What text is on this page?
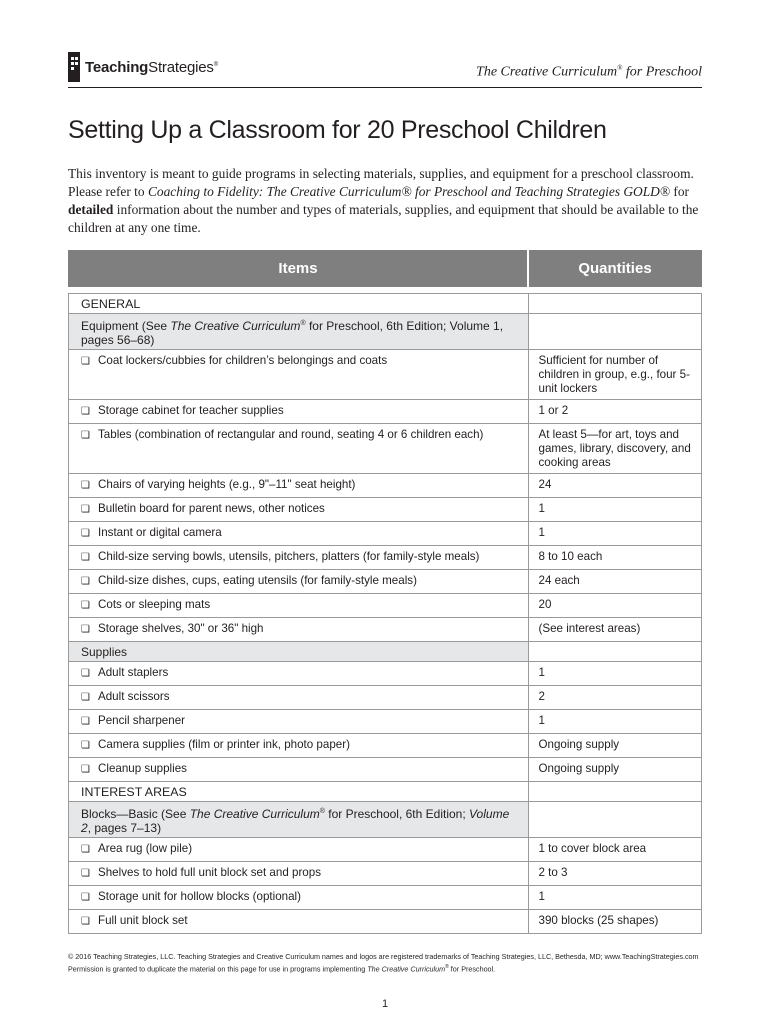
TeachingStrategies®
The Creative Curriculum® for Preschool
Setting Up a Classroom for 20 Preschool Children

This inventory is meant to guide programs in selecting materials, supplies, and equipment for a preschool classroom. Please refer to Coaching to Fidelity: The Creative Curriculum® for Preschool and Teaching Strategies GOLD® for detailed information about the number and types of materials, supplies, and equipment that should be available to the children at any one time.

Items	Quantities

GENERAL	
Equipment (See The Creative Curriculum® for Preschool, 6th Edition; Volume 1, pages 56–68)	
❏ Coat lockers/cubbies for children’s belongings and coats	Sufficient for number of children in group, e.g., four 5-unit lockers
❏ Storage cabinet for teacher supplies	1 or 2
❏ Tables (combination of rectangular and round, seating 4 or 6 children each)	At least 5—for art, toys and games, library, discovery, and cooking areas
❏ Chairs of varying heights (e.g., 9"–11" seat height)	24
❏ Bulletin board for parent news, other notices	1
❏ Instant or digital camera	1
❏ Child-size serving bowls, utensils, pitchers, platters (for family-style meals)	8 to 10 each
❏ Child-size dishes, cups, eating utensils (for family-style meals)	24 each
❏ Cots or sleeping mats	20
❏ Storage shelves, 30" or 36" high	(See interest areas)
Supplies	
❏ Adult staplers	1
❏ Adult scissors	2
❏ Pencil sharpener	1
❏ Camera supplies (film or printer ink, photo paper)	Ongoing supply
❏ Cleanup supplies	Ongoing supply
INTEREST AREAS	
Blocks—Basic (See The Creative Curriculum® for Preschool, 6th Edition; Volume 2, pages 7–13)	
❏ Area rug (low pile)	1 to cover block area
❏ Shelves to hold full unit block set and props	2 to 3
❏ Storage unit for hollow blocks (optional)	1
❏ Full unit block set	390 blocks (25 shapes)
© 2016 Teaching Strategies, LLC. Teaching Strategies and Creative Curriculum names and logos are registered trademarks of Teaching Strategies, LLC, Bethesda, MD; www.TeachingStrategies.com
Permission is granted to duplicate the material on this page for use in programs implementing The Creative Curriculum® for Preschool.
1
